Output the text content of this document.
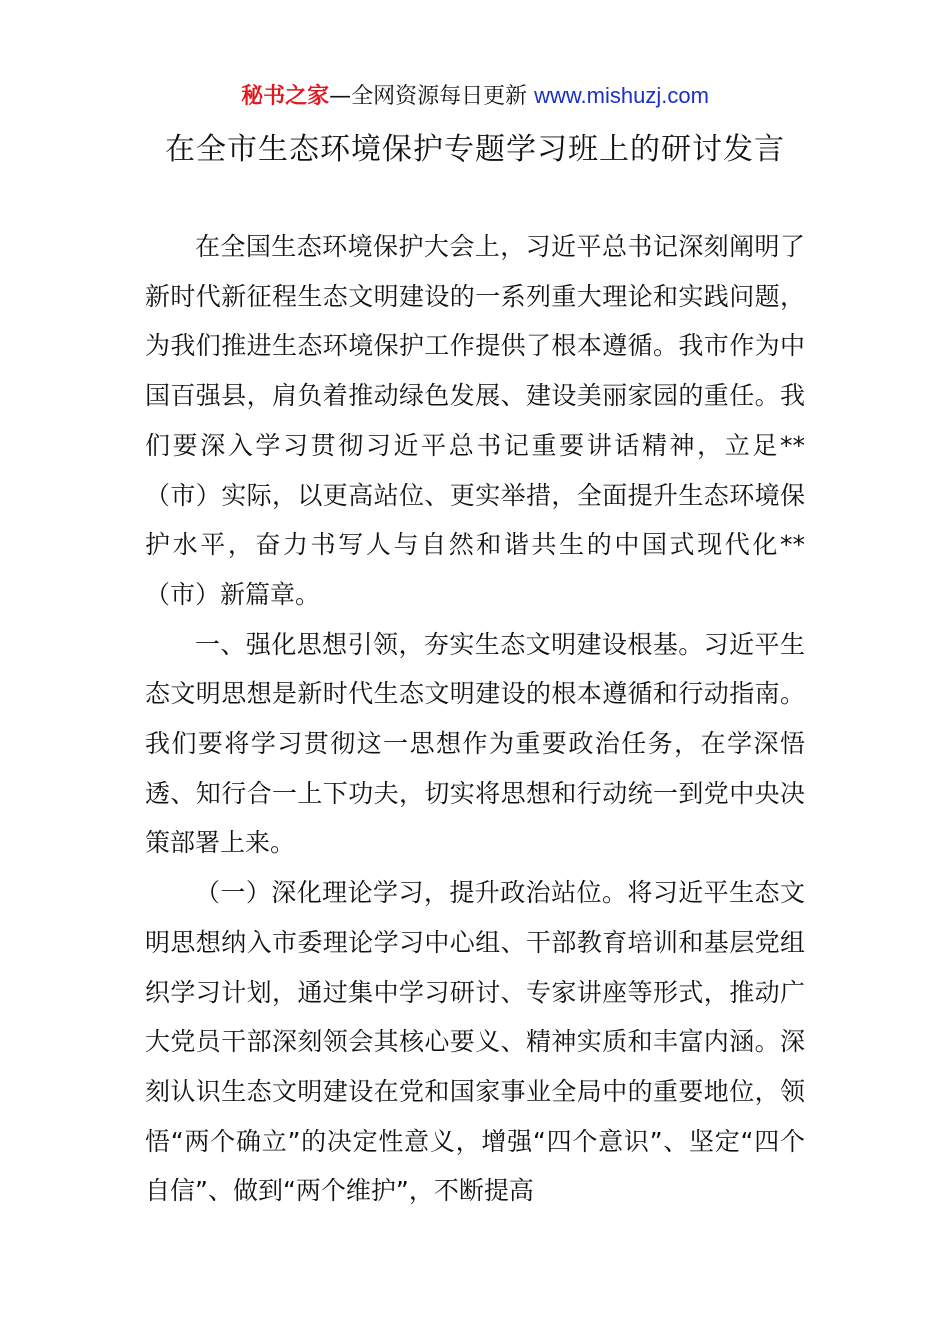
秘书之家—全网资源每日更新 www.mishuzj.com
在全市生态环境保护专题学习班上的研讨发言

在全国生态环境保护大会上，习近平总书记深刻阐明了新时代新征程生态文明建设的一系列重大理论和实践问题，为我们推进生态环境保护工作提供了根本遵循。我市作为中国百强县，肩负着推动绿色发展、建设美丽家园的重任。我们要深入学习贯彻习近平总书记重要讲话精神，立足**（市）实际，以更高站位、更实举措，全面提升生态环境保护水平，奋力书写人与自然和谐共生的中国式现代化**（市）新篇章。

一、强化思想引领，夯实生态文明建设根基。习近平生态文明思想是新时代生态文明建设的根本遵循和行动指南。我们要将学习贯彻这一思想作为重要政治任务，在学深悟透、知行合一上下功夫，切实将思想和行动统一到党中央决策部署上来。

（一）深化理论学习，提升政治站位。将习近平生态文明思想纳入市委理论学习中心组、干部教育培训和基层党组织学习计划，通过集中学习研讨、专家讲座等形式，推动广大党员干部深刻领会其核心要义、精神实质和丰富内涵。深刻认识生态文明建设在党和国家事业全局中的重要地位，领悟“两个确立”的决定性意义，增强“四个意识”、坚定“四个自信”、做到“两个维护”，不断提高
